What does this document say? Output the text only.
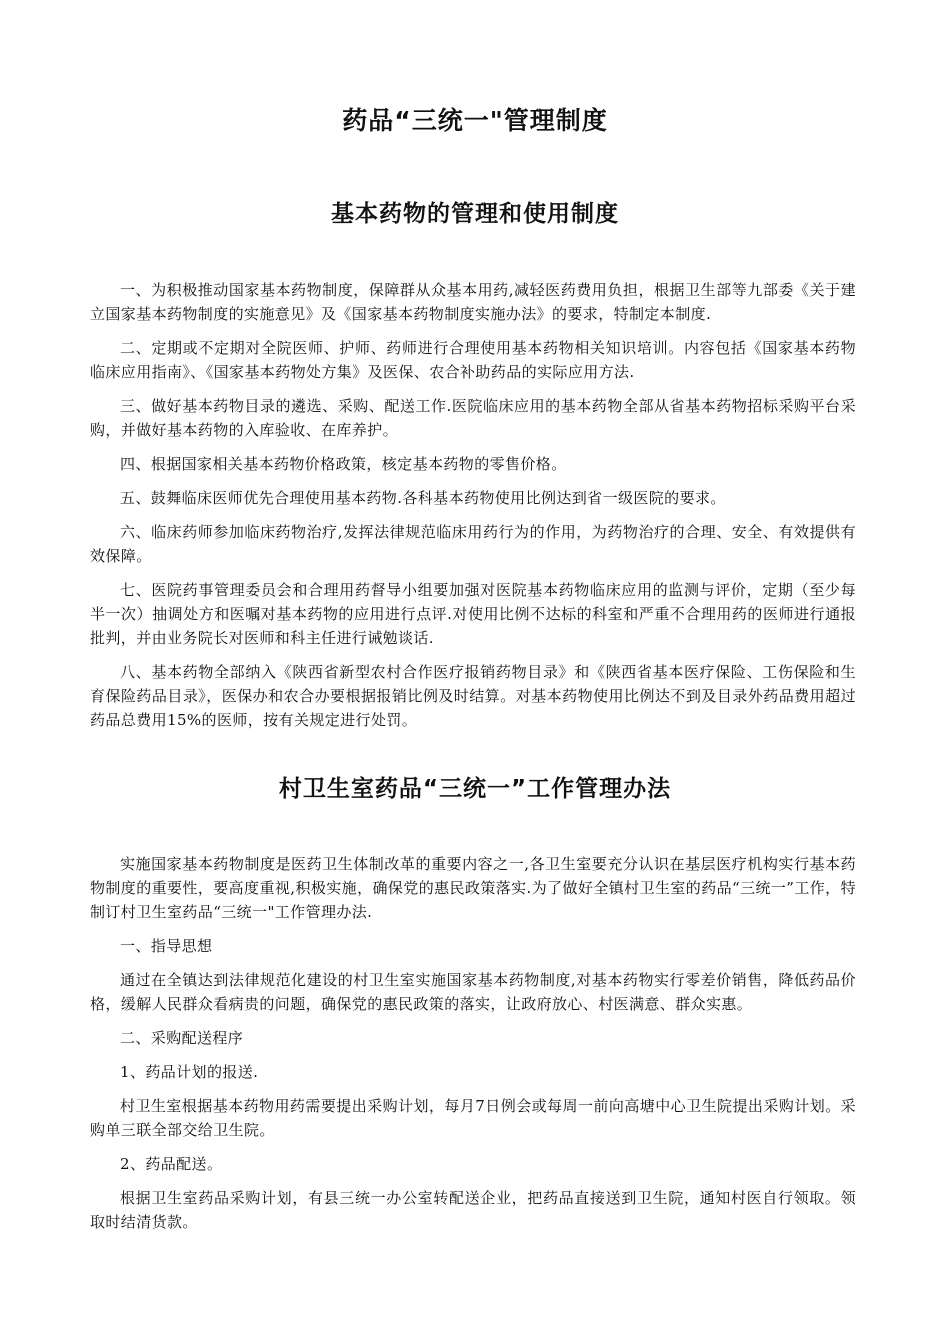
药品“三统一"管理制度
基本药物的管理和使用制度

一、为积极推动国家基本药物制度，保障群从众基本用药,减轻医药费用负担，根据卫生部等九部委《关于建立国家基本药物制度的实施意见》及《国家基本药物制度实施办法》的要求，特制定本制度.

二、定期或不定期对全院医师、护师、药师进行合理使用基本药物相关知识培训。内容包括《国家基本药物临床应用指南》、《国家基本药物处方集》及医保、农合补助药品的实际应用方法.

三、做好基本药物目录的遴选、采购、配送工作.医院临床应用的基本药物全部从省基本药物招标采购平台采购，并做好基本药物的入库验收、在库养护。

四、根据国家相关基本药物价格政策，核定基本药物的零售价格。

五、鼓舞临床医师优先合理使用基本药物.各科基本药物使用比例达到省一级医院的要求。

六、临床药师参加临床药物治疗,发挥法律规范临床用药行为的作用，为药物治疗的合理、安全、有效提供有效保障。

七、医院药事管理委员会和合理用药督导小组要加强对医院基本药物临床应用的监测与评价，定期（至少每半一次）抽调处方和医嘱对基本药物的应用进行点评.对使用比例不达标的科室和严重不合理用药的医师进行通报批判，并由业务院长对医师和科主任进行诫勉谈话.

八、基本药物全部纳入《陕西省新型农村合作医疗报销药物目录》和《陕西省基本医疗保险、工伤保险和生育保险药品目录》，医保办和农合办要根据报销比例及时结算。对基本药物使用比例达不到及目录外药品费用超过药品总费用15%的医师，按有关规定进行处罚。

村卫生室药品“三统一”工作管理办法

实施国家基本药物制度是医药卫生体制改革的重要内容之一,各卫生室要充分认识在基层医疗机构实行基本药物制度的重要性，要高度重视,积极实施，确保党的惠民政策落实.为了做好全镇村卫生室的药品“三统一”工作，特制订村卫生室药品“三统一"工作管理办法.

一、指导思想

通过在全镇达到法律规范化建设的村卫生室实施国家基本药物制度,对基本药物实行零差价销售，降低药品价格，缓解人民群众看病贵的问题，确保党的惠民政策的落实，让政府放心、村医满意、群众实惠。

二、采购配送程序

1、药品计划的报送.

村卫生室根据基本药物用药需要提出采购计划，每月7日例会或每周一前向高塘中心卫生院提出采购计划。采购单三联全部交给卫生院。

2、药品配送。

根据卫生室药品采购计划，有县三统一办公室转配送企业，把药品直接送到卫生院，通知村医自行领取。领取时结清货款。
